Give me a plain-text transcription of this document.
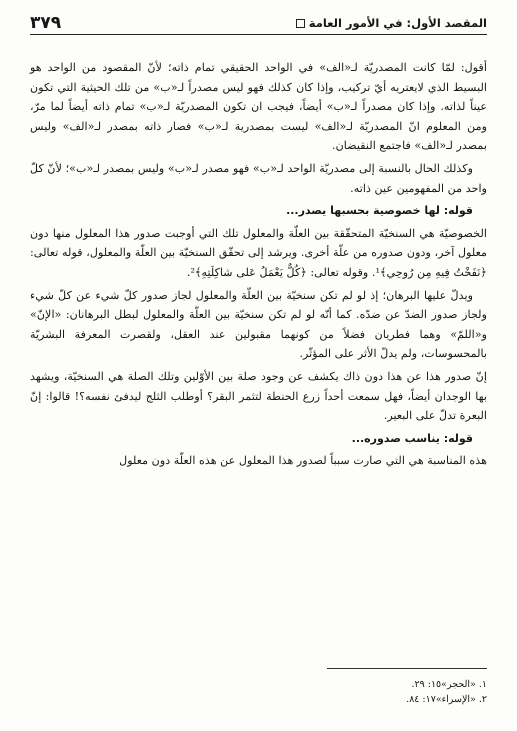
المقصد الأول: في الأمور العامة
٣٧٩

أقول: لمّا كانت المصدريّة لـ«الف» في الواحد الحقيقي تمام ذاته؛ لأنّ المقصود من الواحد هو البسيط الذي لايعتريه أيّ تركيب، وإذا كان كذلك فهو ليس مصدراً لـ«ب» من تلك الحيثية التي تكون عيناً لذاته. وإذا كان مصدراً لـ«ب» أيضاً، فيجب ان تكون المصدريّة لـ«ب» تمام ذاته أيضاً لما مرّ، ومن المعلوم انّ المصدريّة لـ«الف» ليست بمصدرية لـ«ب» فصار ذاته بمصدر لـ«الف» وليس بمصدر لـ«الف» فاجتمع النقيضان.

وكذلك الحال بالنسبة إلى مصدريّة الواحد لـ«ب» فهو مصدر لـ«ب» وليس بمصدر لـ«ب»؛ لأنّ كلّ واحد من المفهومين عين ذاته.

قوله: لها خصوصية بحسبها يصدر...

الخصوصيّة هي السنخيّة المتحقّقة بين العلّة والمعلول تلك التي أوجبت صدور هذا المعلول منها دون معلول آخر، ودون صدوره من علّة أخرى. ويرشد إلى تحقّق السنخيّة بين العلّة والمعلول، قوله تعالى: ﴿نَفَخْتُ فِيهِ مِن رُوحِي﴾¹. وقوله تعالى: ﴿كُلٌّ يَعْمَلُ عَلى شاكِلَتِهِ﴾².

ويدلّ عليها البرهان؛ إذ لو لم تكن سنخيّة بين العلّة والمعلول لجاز صدور كلّ شيء عن كلّ شيء ولجاز صدور الضدّ عن ضدّه. كما أنّه لو لم تكن سنخيّة بين العلّة والمعلول لبطل البرهانان: «الإنّ» و«اللمّ» وهما فطريان فضلاً من كونهما مقبولين عند العقل، ولقصرت المعرفة البشريّة بالمحسوسات، ولم يدلّ الأثر على المؤثّر.

إنّ صدور هذا عن هذا دون ذاك يكشف عن وجود صلة بين الأوّلين وتلك الصلة هي السنخيّة، ويشهد بها الوجدان أيضاً، فهل سمعت أحداً زرع الحنطة لتثمر البقر؟ أوطلب الثلج ليدفئ نفسه؟! قالوا: إنّ البعرة تدلّ على البعير.

قوله: يناسب صدوره...

هذه المناسبة هي التي صارت سبباً لصدور هذا المعلول عن هذه العلّة دون معلول

١. «الحجر»١٥: ٢٩.

٢. «الإسراء»١٧: ٨٤.
